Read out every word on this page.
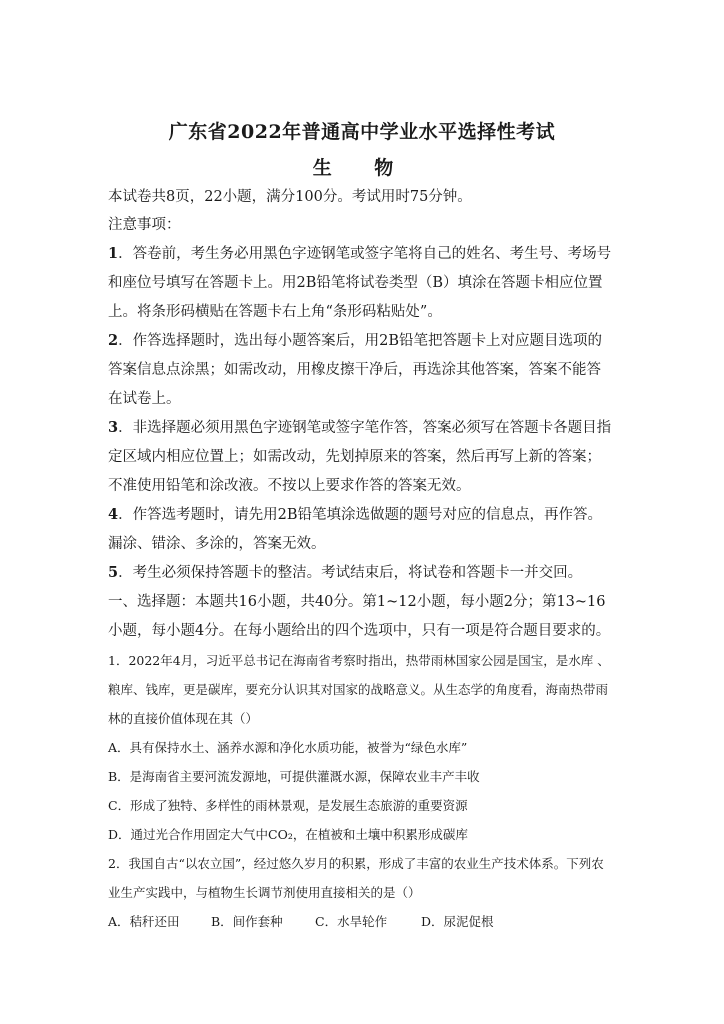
广东省2022年普通高中学业水平选择性考试
生 物
本试卷共8页，22小题，满分100分。考试用时75分钟。
注意事项：
1．答卷前，考生务必用黑色字迹钢笔或签字笔将自己的姓名、考生号、考场号
和座位号填写在答题卡上。用2B铅笔将试卷类型（B）填涂在答题卡相应位置
上。将条形码横贴在答题卡右上角“条形码粘贴处”。
2．作答选择题时，选出每小题答案后，用2B铅笔把答题卡上对应题目选项的
答案信息点涂黑；如需改动，用橡皮擦干净后，再选涂其他答案，答案不能答
在试卷上。
3．非选择题必须用黑色字迹钢笔或签字笔作答，答案必须写在答题卡各题目指
定区域内相应位置上；如需改动，先划掉原来的答案，然后再写上新的答案；
不准使用铅笔和涂改液。不按以上要求作答的答案无效。
4．作答选考题时，请先用2B铅笔填涂选做题的题号对应的信息点，再作答。
漏涂、错涂、多涂的，答案无效。
5．考生必须保持答题卡的整洁。考试结束后，将试卷和答题卡一并交回。
一、选择题：本题共16小题，共40分。第1~12小题，每小题2分；第13~16
小题，每小题4分。在每小题给出的四个选项中，只有一项是符合题目要求的。
1．2022年4月，习近平总书记在海南省考察时指出，热带雨林国家公园是国宝，是水库 、
粮库、钱库，更是碳库，要充分认识其对国家的战略意义。从生态学的角度看，海南热带雨
林的直接价值体现在其（）
A．具有保持水土、涵养水源和净化水质功能，被誉为“绿色水库”
B．是海南省主要河流发源地，可提供灌溉水源，保障农业丰产丰收
C．形成了独特、多样性的雨林景观，是发展生态旅游的重要资源
D．通过光合作用固定大气中CO₂，在植被和土壤中积累形成碳库
2．我国自古“以农立国”，经过悠久岁月的积累，形成了丰富的农业生产技术体系。下列农
业生产实践中，与植物生长调节剂使用直接相关的是（）
A．秸秆还田	B．间作套种	C．水旱轮作	D．尿泥促根
